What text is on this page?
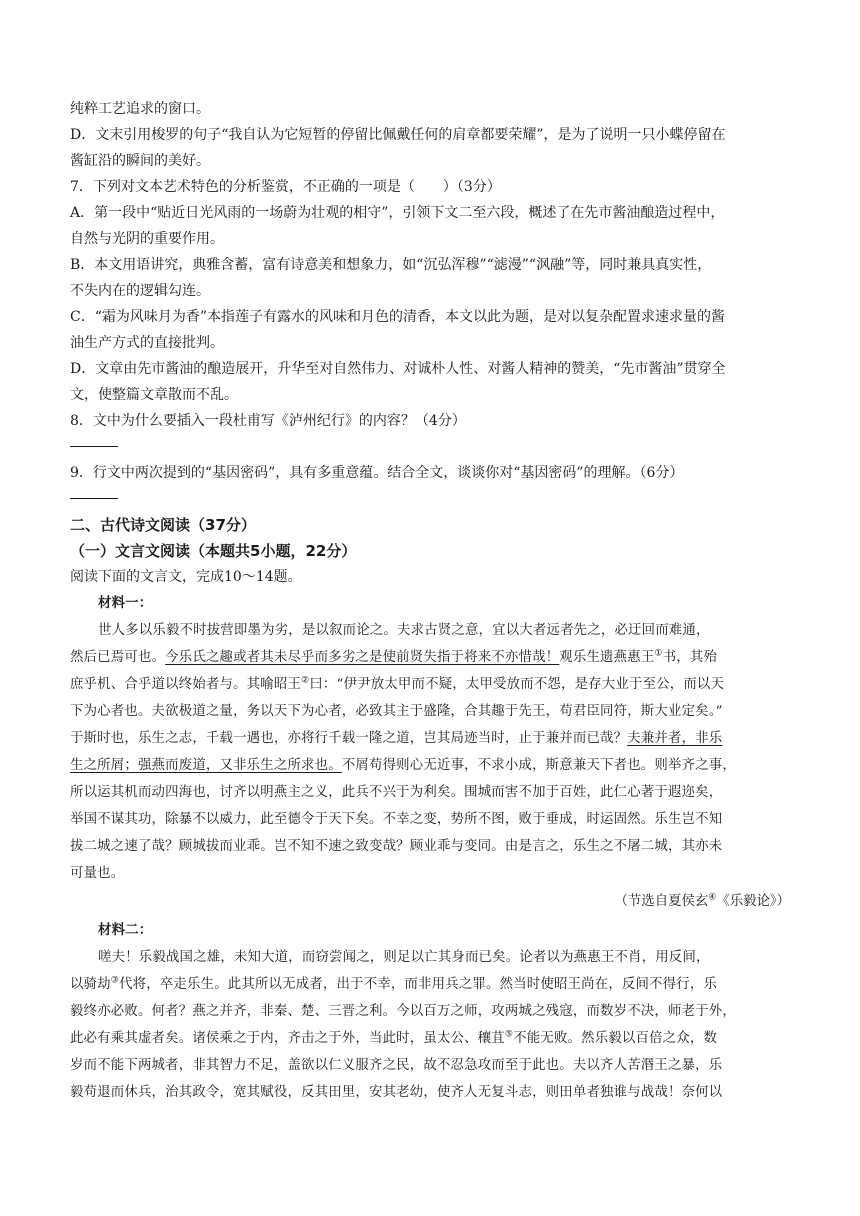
纯粹工艺追求的窗口。

D．文末引用梭罗的句子“我自认为它短暂的停留比佩戴任何的肩章都要荣耀”，是为了说明一只小蝶停留在

酱缸沿的瞬间的美好。

7．下列对文本艺术特色的分析鉴赏，不正确的一项是（　　）（3分）

A．第一段中“贴近日光风雨的一场蔚为壮观的相守”，引领下文二至六段，概述了在先市酱油酿造过程中，

自然与光阴的重要作用。

B．本文用语讲究，典雅含蓄，富有诗意美和想象力，如“沉弘浑穆”“滤漫”“沨融”等，同时兼具真实性，

不失内在的逻辑勾连。

C．“霜为风味月为香”本指莲子有露水的风味和月色的清香，本文以此为题，是对以复杂配置求速求量的酱

油生产方式的直接批判。

D．文章由先市酱油的酿造展开，升华至对自然伟力、对诚朴人性、对酱人精神的赞美，“先市酱油”贯穿全

文，使整篇文章散而不乱。

8．文中为什么要插入一段杜甫写《泸州纪行》的内容？（4分）

9．行文中两次提到的“基因密码”，具有多重意蕴。结合全文，谈谈你对“基因密码”的理解。（6分）

二、古代诗文阅读（37分）
（一）文言文阅读（本题共5小题，22分）

阅读下面的文言文，完成10～14题。

材料一：

世人多以乐毅不时拔营即墨为劣，是以叙而论之。夫求古贤之意，宜以大者远者先之，必迂回而难通，

然后已焉可也。今乐氏之趣或者其未尽乎而多劣之是使前贤失指于将来不亦惜哉！观乐生遗燕惠王①书，其殆

庶乎机、合乎道以终始者与。其喻昭王②曰：“伊尹放太甲而不疑，太甲受放而不怨，是存大业于至公，而以天

下为心者也。夫欲极道之量，务以天下为心者，必致其主于盛隆，合其趣于先王，苟君臣同符，斯大业定矣。”

于斯时也，乐生之志，千载一遇也，亦将行千载一隆之道，岂其局迹当时，止于兼并而已哉？夫兼并者，非乐

生之所屑；强燕而废道，又非乐生之所求也。不屑苟得则心无近事，不求小成，斯意兼天下者也。则举齐之事，

所以运其机而动四海也，讨齐以明燕主之义，此兵不兴于为利矣。围城而害不加于百姓，此仁心著于遐迩矣，

举国不谋其功，除暴不以威力，此至德令于天下矣。不幸之变，势所不图，败于垂成，时运固然。乐生岂不知

拔二城之速了哉？顾城拔而业乖。岂不知不速之致变哉？顾业乖与变同。由是言之，乐生之不屠二城，其亦未

可量也。

（节选自夏侯玄④《乐毅论》）

材料二：

嗟夫！乐毅战国之雄，未知大道，而窃尝闻之，则足以亡其身而已矣。论者以为燕惠王不肖，用反间，

以骑劫③代将，卒走乐生。此其所以无成者，出于不幸，而非用兵之罪。然当时使昭王尚在，反间不得行，乐

毅终亦必败。何者？燕之并齐，非秦、楚、三晋之利。今以百万之师，攻两城之残寇，而数岁不决，师老于外，

此必有乘其虚者矣。诸侯乘之于内，齐击之于外，当此时，虽太公、穰苴⑤不能无败。然乐毅以百倍之众，数

岁而不能下两城者，非其智力不足，盖欲以仁义服齐之民，故不忍急攻而至于此也。夫以齐人苦湣王之暴，乐

毅苟退而休兵，治其政令，宽其赋役，反其田里，安其老幼，使齐人无复斗志，则田单者独谁与战哉！奈何以
